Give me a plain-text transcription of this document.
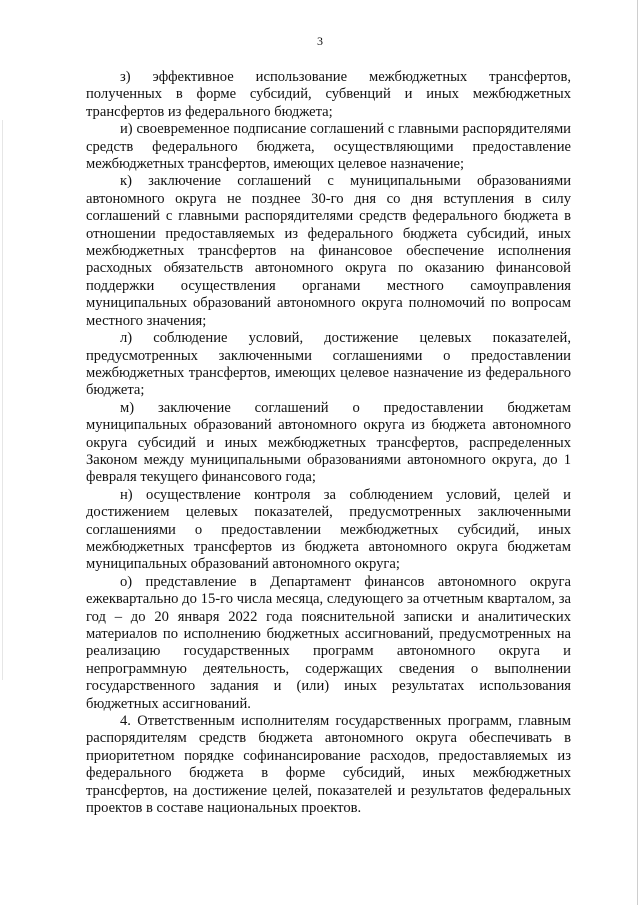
3

з) эффективное использование межбюджетных трансфертов, полученных в форме субсидий, субвенций и иных межбюджетных трансфертов из федерального бюджета;

и) своевременное подписание соглашений с главными распорядителями средств федерального бюджета, осуществляющими предоставление межбюджетных трансфертов, имеющих целевое назначение;

к) заключение соглашений с муниципальными образованиями автономного округа не позднее 30-го дня со дня вступления в силу соглашений с главными распорядителями средств федерального бюджета в отношении предоставляемых из федерального бюджета субсидий, иных межбюджетных трансфертов на финансовое обеспечение исполнения расходных обязательств автономного округа по оказанию финансовой поддержки осуществления органами местного самоуправления муниципальных образований автономного округа полномочий по вопросам местного значения;

л) соблюдение условий, достижение целевых показателей, предусмотренных заключенными соглашениями о предоставлении межбюджетных трансфертов, имеющих целевое назначение из федерального бюджета;

м) заключение соглашений о предоставлении бюджетам муниципальных образований автономного округа из бюджета автономного округа субсидий и иных межбюджетных трансфертов, распределенных Законом между муниципальными образованиями автономного округа, до 1 февраля текущего финансового года;

н) осуществление контроля за соблюдением условий, целей и достижением целевых показателей, предусмотренных заключенными соглашениями о предоставлении межбюджетных субсидий, иных межбюджетных трансфертов из бюджета автономного округа бюджетам муниципальных образований автономного округа;

о) представление в Департамент финансов автономного округа ежеквартально до 15-го числа месяца, следующего за отчетным кварталом, за год – до 20 января 2022 года пояснительной записки и аналитических материалов по исполнению бюджетных ассигнований, предусмотренных на реализацию государственных программ автономного округа и непрограммную деятельность, содержащих сведения о выполнении государственного задания и (или) иных результатах использования бюджетных ассигнований.

4. Ответственным исполнителям государственных программ, главным распорядителям средств бюджета автономного округа обеспечивать в приоритетном порядке софинансирование расходов, предоставляемых из федерального бюджета в форме субсидий, иных межбюджетных трансфертов, на достижение целей, показателей и результатов федеральных проектов в составе национальных проектов.
